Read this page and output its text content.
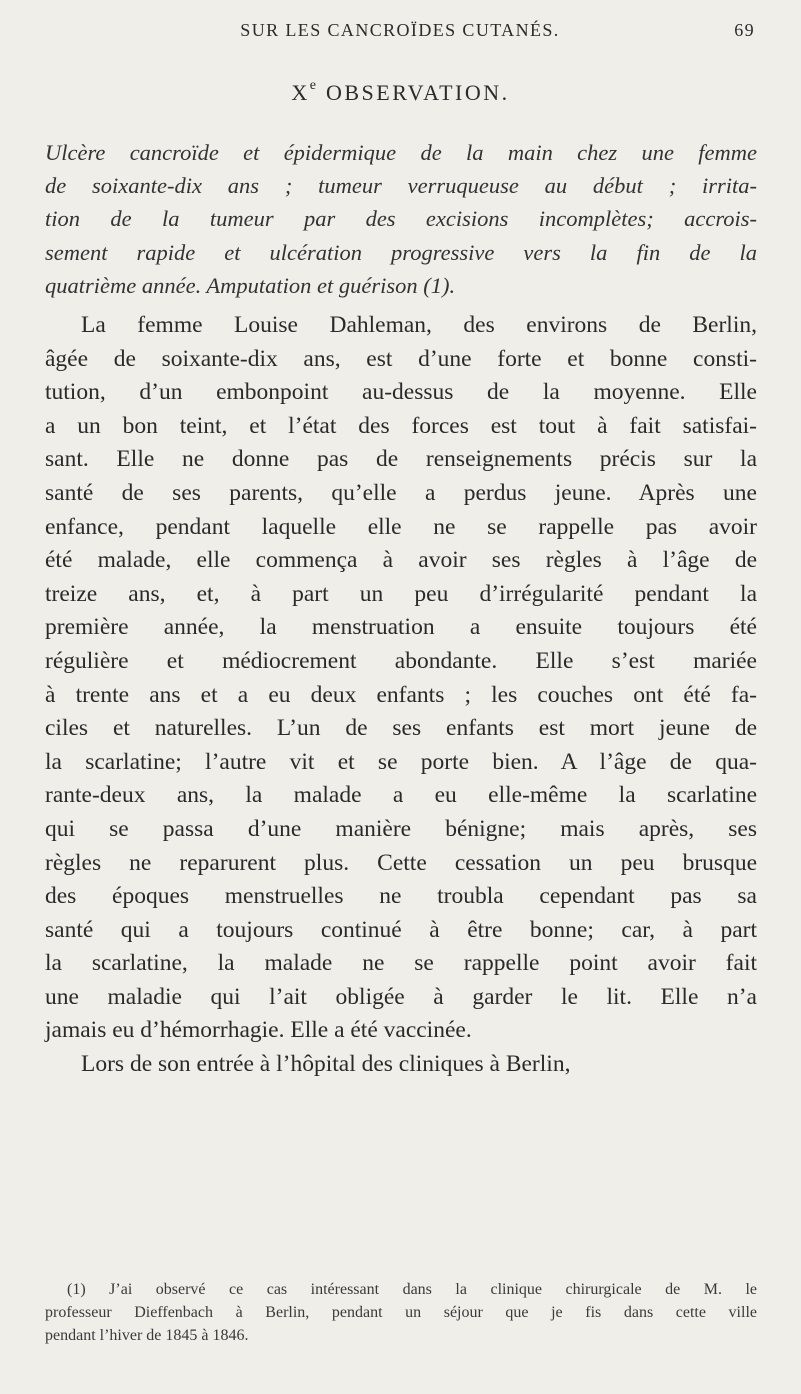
SUR LES CANCROÏDES CUTANÉS.	69
Xe OBSERVATION.
Ulcère cancroïde et épidermique de la main chez une femme
de soixante-dix ans ; tumeur verruqueuse au début ; irrita-
tion de la tumeur par des excisions incomplètes; accrois-
sement rapide et ulcération progressive vers la fin de la
quatrième année. Amputation et guérison (1).
La femme Louise Dahleman, des environs de Berlin,
âgée de soixante-dix ans, est d’une forte et bonne consti-
tution, d’un embonpoint au-dessus de la moyenne. Elle
a un bon teint, et l’état des forces est tout à fait satisfai-
sant. Elle ne donne pas de renseignements précis sur la
santé de ses parents, qu’elle a perdus jeune. Après une
enfance, pendant laquelle elle ne se rappelle pas avoir
été malade, elle commença à avoir ses règles à l’âge de
treize ans, et, à part un peu d’irrégularité pendant la
première année, la menstruation a ensuite toujours été
régulière et médiocrement abondante. Elle s’est mariée
à trente ans et a eu deux enfants ; les couches ont été fa-
ciles et naturelles. L’un de ses enfants est mort jeune de
la scarlatine; l’autre vit et se porte bien. A l’âge de qua-
rante-deux ans, la malade a eu elle-même la scarlatine
qui se passa d’une manière bénigne; mais après, ses
règles ne reparurent plus. Cette cessation un peu brusque
des époques menstruelles ne troubla cependant pas sa
santé qui a toujours continué à être bonne; car, à part
la scarlatine, la malade ne se rappelle point avoir fait
une maladie qui l’ait obligée à garder le lit. Elle n’a
jamais eu d’hémorrhagie. Elle a été vaccinée.
Lors de son entrée à l’hôpital des cliniques à Berlin,
(1) J’ai observé ce cas intéressant dans la clinique chirurgicale de M. le
professeur Dieffenbach à Berlin, pendant un séjour que je fis dans cette ville
pendant l’hiver de 1845 à 1846.
